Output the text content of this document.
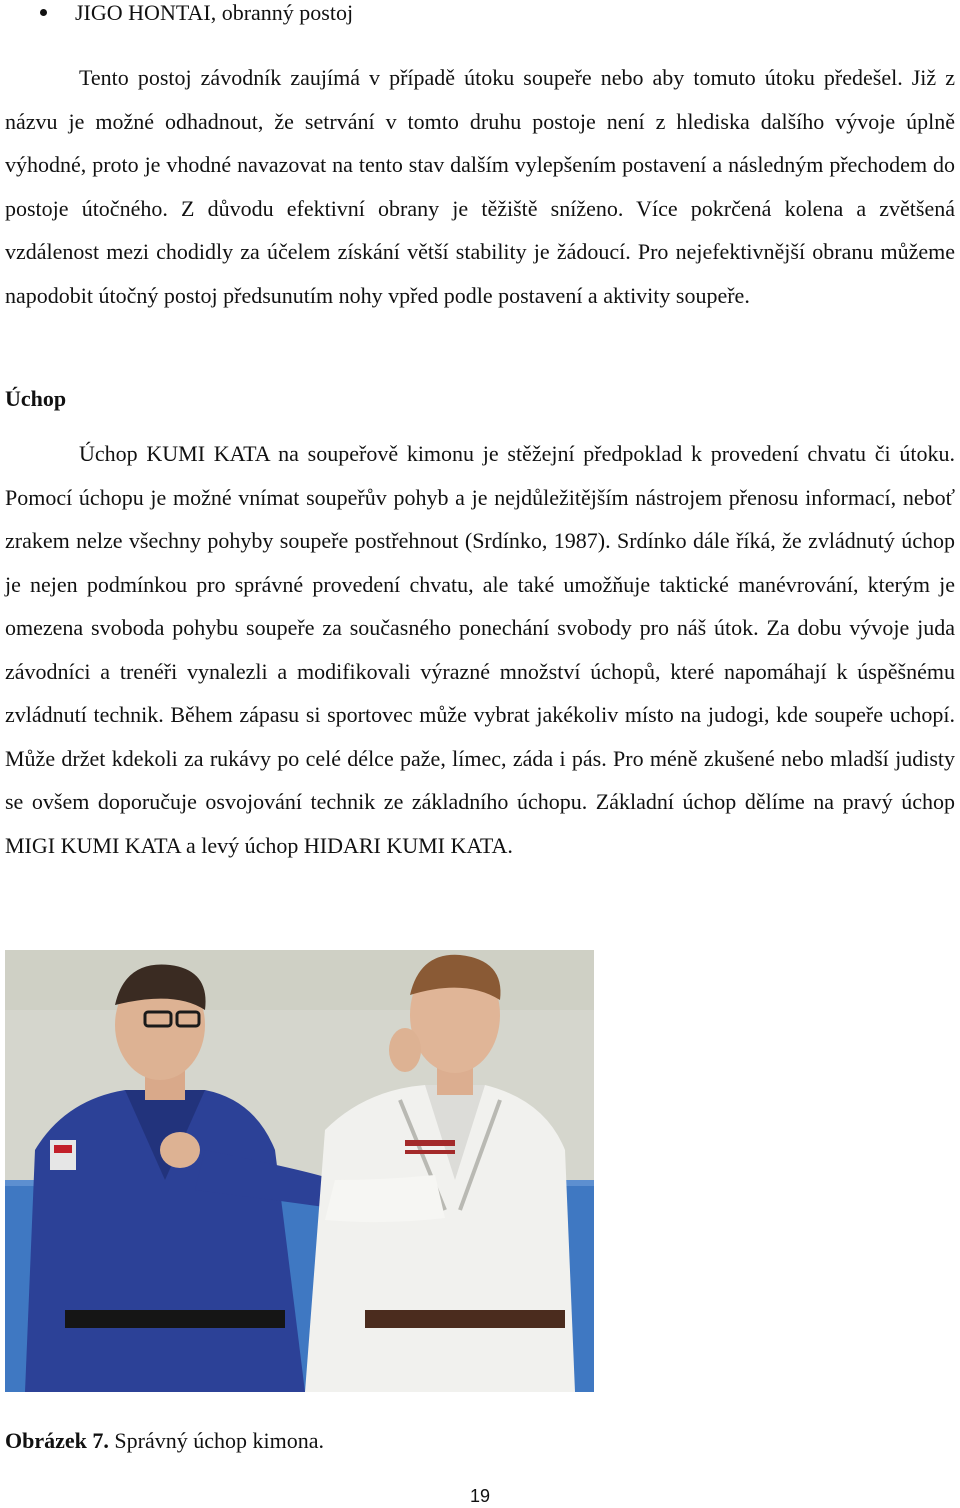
JIGO HONTAI, obranný postoj

Tento postoj závodník zaujímá v případě útoku soupeře nebo aby tomuto útoku předešel. Již z názvu je možné odhadnout, že setrvání v tomto druhu postoje není z hlediska dalšího vývoje úplně výhodné, proto je vhodné navazovat na tento stav dalším vylepšením postavení a následným přechodem do postoje útočného. Z důvodu efektivní obrany je těžiště sníženo. Více pokrčená kolena a zvětšená vzdálenost mezi chodidly za účelem získání větší stability je žádoucí. Pro nejefektivnější obranu můžeme napodobit útočný postoj předsunutím nohy vpřed podle postavení a aktivity soupeře.

Úchop

Úchop KUMI KATA na soupeřově kimonu je stěžejní předpoklad k provedení chvatu či útoku. Pomocí úchopu je možné vnímat soupeřův pohyb a je nejdůležitějším nástrojem přenosu informací, neboť zrakem nelze všechny pohyby soupeře postřehnout (Srdínko, 1987). Srdínko dále říká, že zvládnutý úchop je nejen podmínkou pro správné provedení chvatu, ale také umožňuje taktické manévrování, kterým je omezena svoboda pohybu soupeře za současného ponechání svobody pro náš útok. Za dobu vývoje juda závodníci a trenéři vynalezli a modifikovali výrazné množství úchopů, které napomáhají k úspěšnému zvládnutí technik. Během zápasu si sportovec může vybrat jakékoliv místo na judogi, kde soupeře uchopí. Může držet kdekoli za rukávy po celé délce paže, límec, záda i pás. Pro méně zkušené nebo mladší judisty se ovšem doporučuje osvojování technik ze základního úchopu. Základní úchop dělíme na pravý úchop MIGI KUMI KATA a levý úchop HIDARI KUMI KATA.

Obrázek 7. Správný úchop kimona.

19
